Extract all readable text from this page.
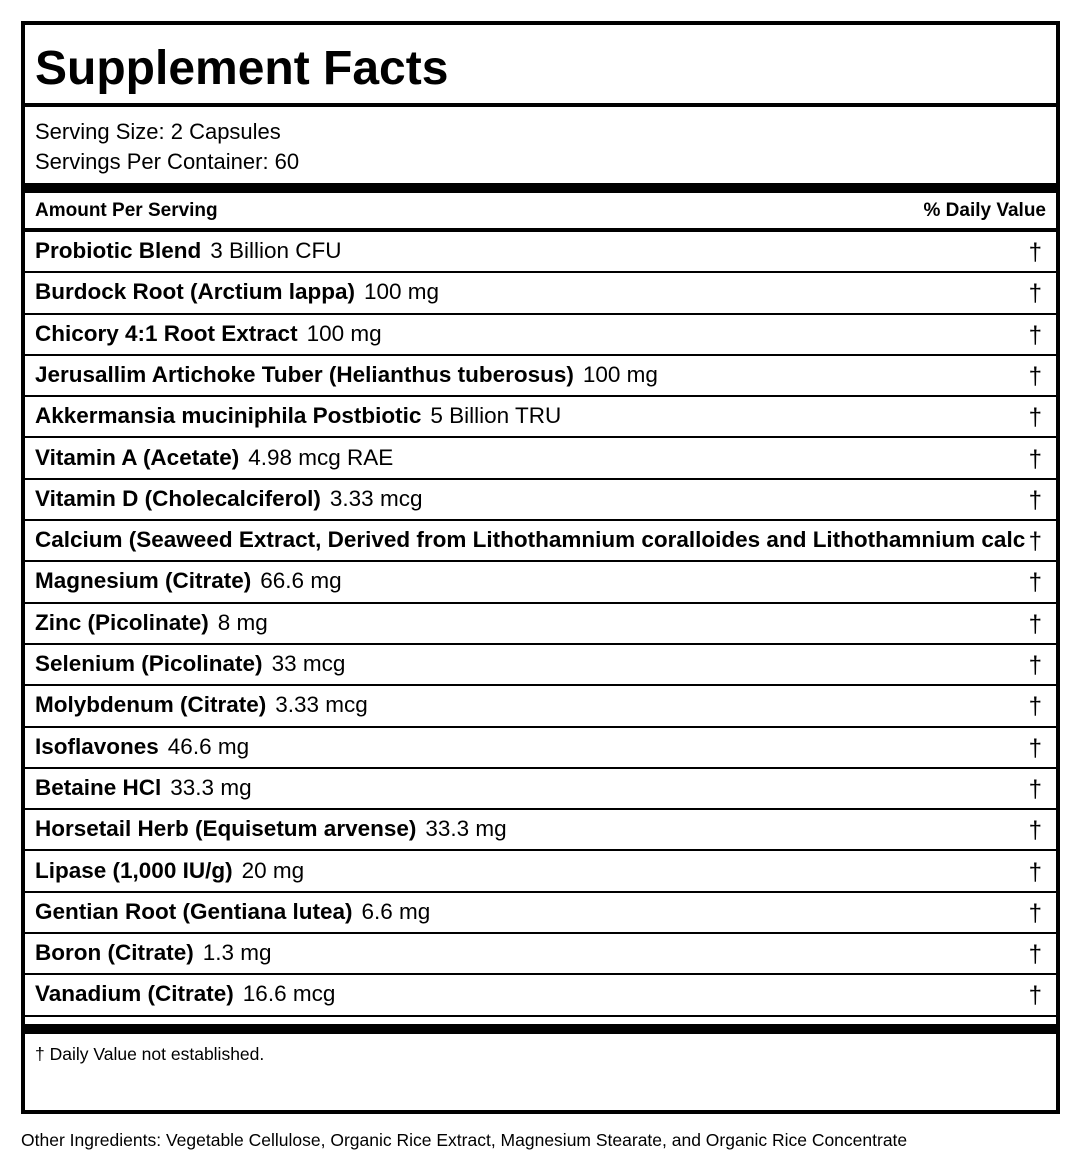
Supplement Facts
Serving Size: 2 Capsules
Servings Per Container: 60
Amount Per Serving	% Daily Value
Probiotic Blend 3 Billion CFU	†
Burdock Root (Arctium lappa) 100 mg	†
Chicory 4:1 Root Extract 100 mg	†
Jerusallim Artichoke Tuber (Helianthus tuberosus) 100 mg	†
Akkermansia muciniphila Postbiotic 5 Billion TRU	†
Vitamin A (Acetate) 4.98 mcg RAE	†
Vitamin D (Cholecalciferol) 3.33 mcg	†
Calcium (Seaweed Extract, Derived from Lithothamnium coralloides and Lithothamnium calc †
Magnesium (Citrate) 66.6 mg	†
Zinc (Picolinate) 8 mg	†
Selenium (Picolinate) 33 mcg	†
Molybdenum (Citrate) 3.33 mcg	†
Isoflavones 46.6 mg	†
Betaine HCl 33.3 mg	†
Horsetail Herb (Equisetum arvense) 33.3 mg	†
Lipase (1,000 IU/g) 20 mg	†
Gentian Root (Gentiana lutea) 6.6 mg	†
Boron (Citrate) 1.3 mg	†
Vanadium (Citrate) 16.6 mcg	†
† Daily Value not established.
Other Ingredients: Vegetable Cellulose, Organic Rice Extract, Magnesium Stearate, and Organic Rice Concentrate
